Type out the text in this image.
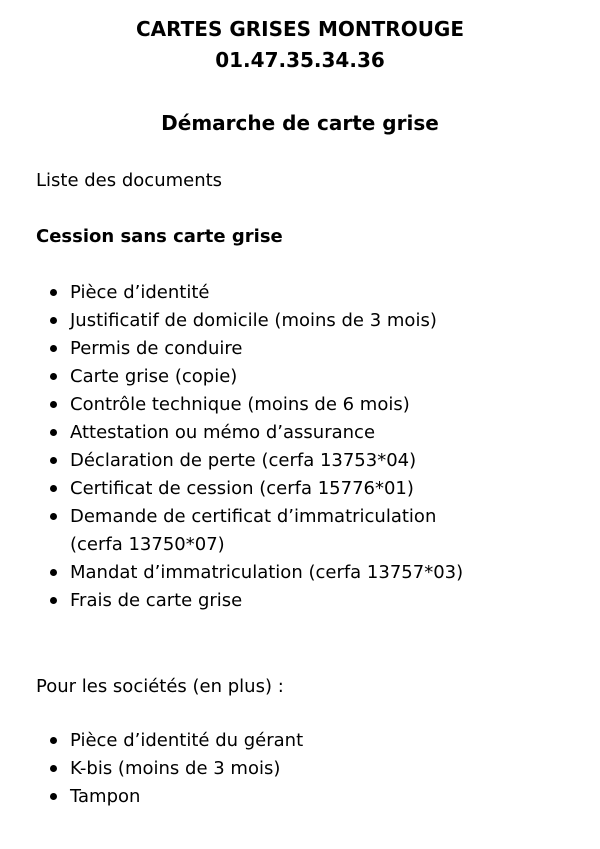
CARTES GRISES MONTROUGE
01.47.35.34.36
Démarche de carte grise
Liste des documents
Cession sans carte grise
Pièce d’identité
Justificatif de domicile (moins de 3 mois)
Permis de conduire
Carte grise (copie)
Contrôle technique (moins de 6 mois)
Attestation ou mémo d’assurance
Déclaration de perte (cerfa 13753*04)
Certificat de cession (cerfa 15776*01)
Demande de certificat d’immatriculation
(cerfa 13750*07)
Mandat d’immatriculation (cerfa 13757*03)
Frais de carte grise
Pour les sociétés (en plus) :
Pièce d’identité du gérant
K-bis (moins de 3 mois)
Tampon
